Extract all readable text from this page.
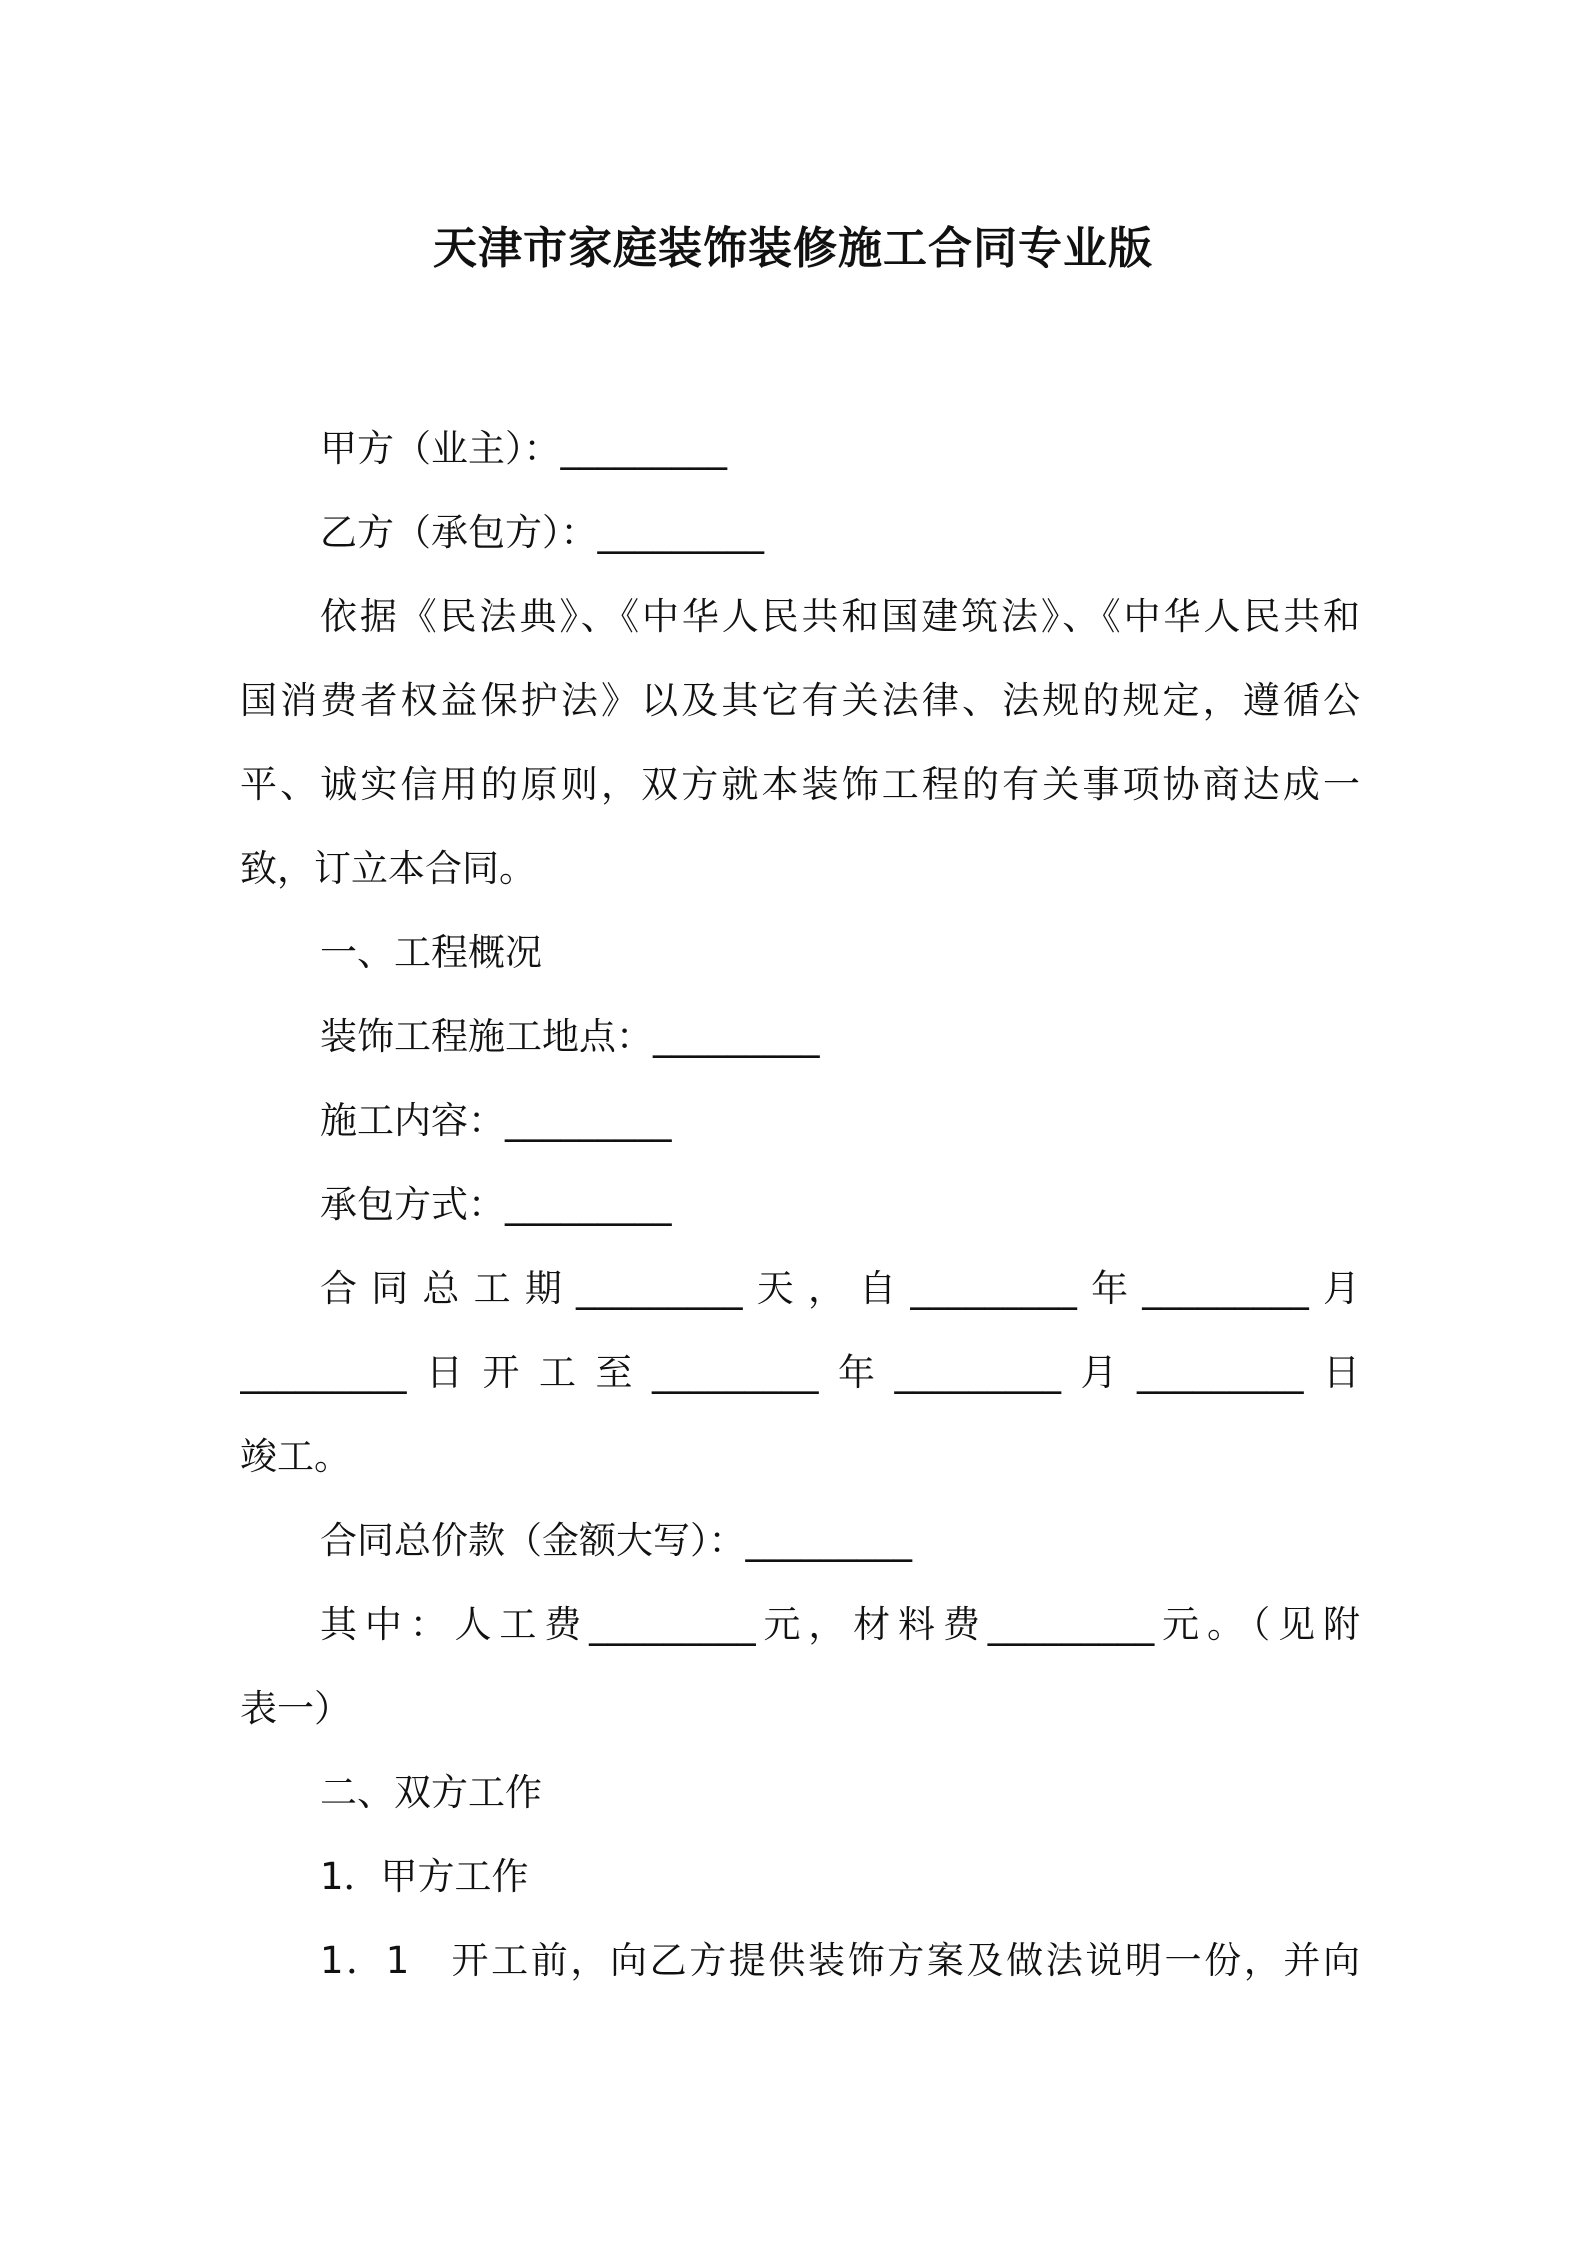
天津市家庭装饰装修施工合同专业版
甲方（业主）：_________
乙方（承包方）：_________
依据《民法典》、《中华人民共和国建筑法》、《中华人民共和
国消费者权益保护法》以及其它有关法律、法规的规定，遵循公
平、诚实信用的原则，双方就本装饰工程的有关事项协商达成一
致，订立本合同。
一、工程概况
装饰工程施工地点：_________
施工内容：_________
承包方式：_________
合同总工期_________天，自_________年_________月
_________日开工至_________年_________月_________日
竣工。
合同总价款（金额大写）：_________
其中：人工费_________元，材料费_________元。（见附
表一）
二、双方工作
1．甲方工作
1．1　开工前，向乙方提供装饰方案及做法说明一份，并向
